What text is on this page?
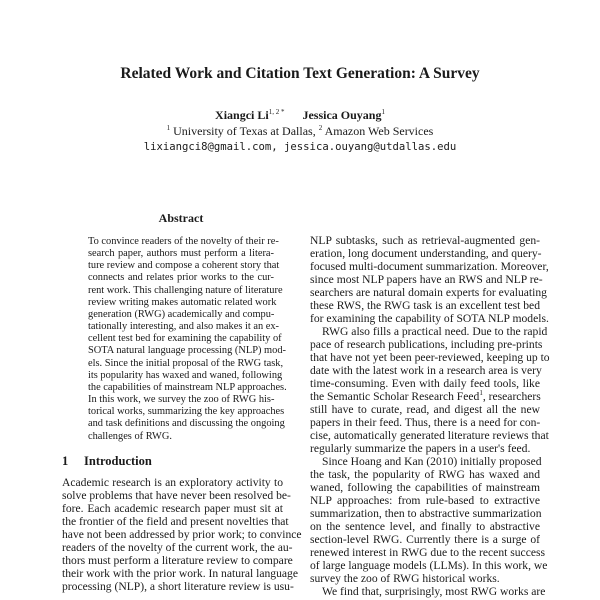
Related Work and Citation Text Generation: A Survey
Xiangci $Li^{1, 2 *}$ Jessica Ouyang$^1$
$^1$ University of Texas at Dallas, $^2$ Amazon Web Services
lixiangci8@gmail.com, jessica.ouyang@utdallas.edu
Abstract
To convince readers of the novelty of their re-
search paper, authors must perform a litera-
ture review and compose a coherent story that
connects and relates prior works to the cur-
rent work. This challenging nature of literature
review writing makes automatic related work
generation (RWG) academically and compu-
tationally interesting, and also makes it an ex-
cellent test bed for examining the capability of
SOTA natural language processing (NLP) mod-
els. Since the initial proposal of the RWG task,
its popularity has waxed and waned, following
the capabilities of mainstream NLP approaches.
In this work, we survey the zoo of RWG his-
torical works, summarizing the key approaches
and task definitions and discussing the ongoing
challenges of RWG.
1 Introduction
Academic research is an exploratory activity to
solve problems that have never been resolved be-
fore. Each academic research paper must sit at
the frontier of the field and present novelties that
have not been addressed by prior work; to convince
readers of the novelty of the current work, the au-
thors must perform a literature review to compare
their work with the prior work. In natural language
processing (NLP), a short literature review is usu-
NLP subtasks, such as retrieval-augmented gen-
eration, long document understanding, and query-
focused multi-document summarization. Moreover,
since most NLP papers have an RWS and NLP re-
searchers are natural domain experts for evaluating
these RWS, the RWG task is an excellent test bed
for examining the capability of SOTA NLP models.
RWG also fills a practical need. Due to the rapid
pace of research publications, including pre-prints
that have not yet been peer-reviewed, keeping up to
date with the latest work in a research area is very
time-consuming. Even with daily feed tools, like
the Semantic Scholar Research Feed$^1$, researchers
still have to curate, read, and digest all the new
papers in their feed. Thus, there is a need for con-
cise, automatically generated literature reviews that
regularly summarize the papers in a user's feed.
Since Hoang and Kan (2010) initially proposed
the task, the popularity of RWG has waxed and
waned, following the capabilities of mainstream
NLP approaches: from rule-based to extractive
summarization, then to abstractive summarization
on the sentence level, and finally to abstractive
section-level RWG. Currently there is a surge of
renewed interest in RWG due to the recent success
of large language models (LLMs). In this work, we
survey the zoo of RWG historical works.
We find that, surprisingly, most RWG works are
